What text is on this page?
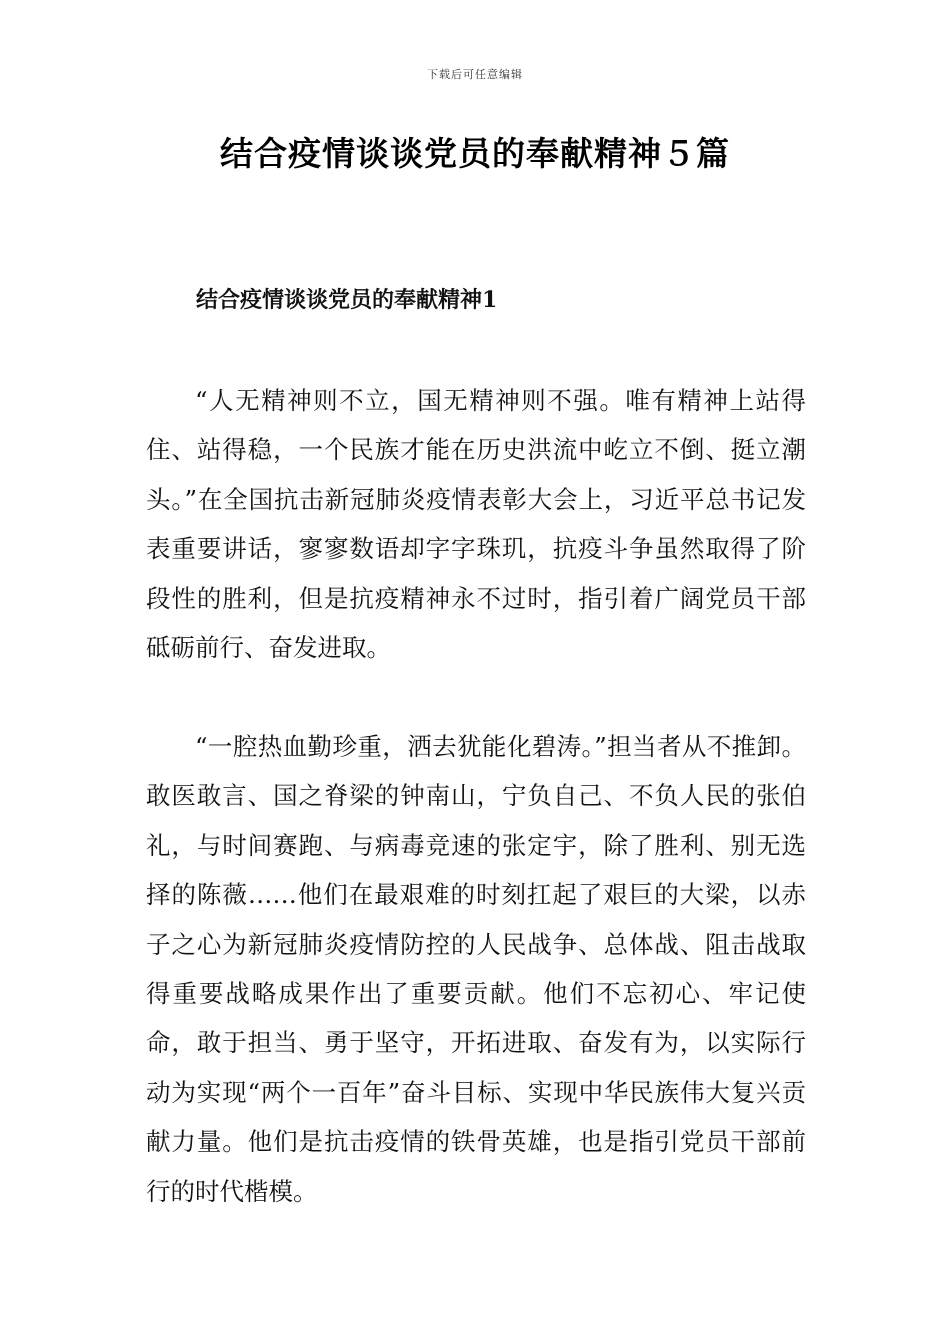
下载后可任意编辑
结合疫情谈谈党员的奉献精神５篇
结合疫情谈谈党员的奉献精神1

“人无精神则不立，国无精神则不强。唯有精神上站得住、站得稳，一个民族才能在历史洪流中屹立不倒、挺立潮头。”在全国抗击新冠肺炎疫情表彰大会上，习近平总书记发表重要讲话，寥寥数语却字字珠玑，抗疫斗争虽然取得了阶段性的胜利，但是抗疫精神永不过时，指引着广阔党员干部砥砺前行、奋发进取。

“一腔热血勤珍重，洒去犹能化碧涛。”担当者从不推卸。敢医敢言、国之脊梁的钟南山，宁负自己、不负人民的张伯礼，与时间赛跑、与病毒竞速的张定宇，除了胜利、别无选择的陈薇……他们在最艰难的时刻扛起了艰巨的大梁，以赤子之心为新冠肺炎疫情防控的人民战争、总体战、阻击战取得重要战略成果作出了重要贡献。他们不忘初心、牢记使命，敢于担当、勇于坚守，开拓进取、奋发有为，以实际行动为实现“两个一百年”奋斗目标、实现中华民族伟大复兴贡献力量。他们是抗击疫情的铁骨英雄，也是指引党员干部前行的时代楷模。
